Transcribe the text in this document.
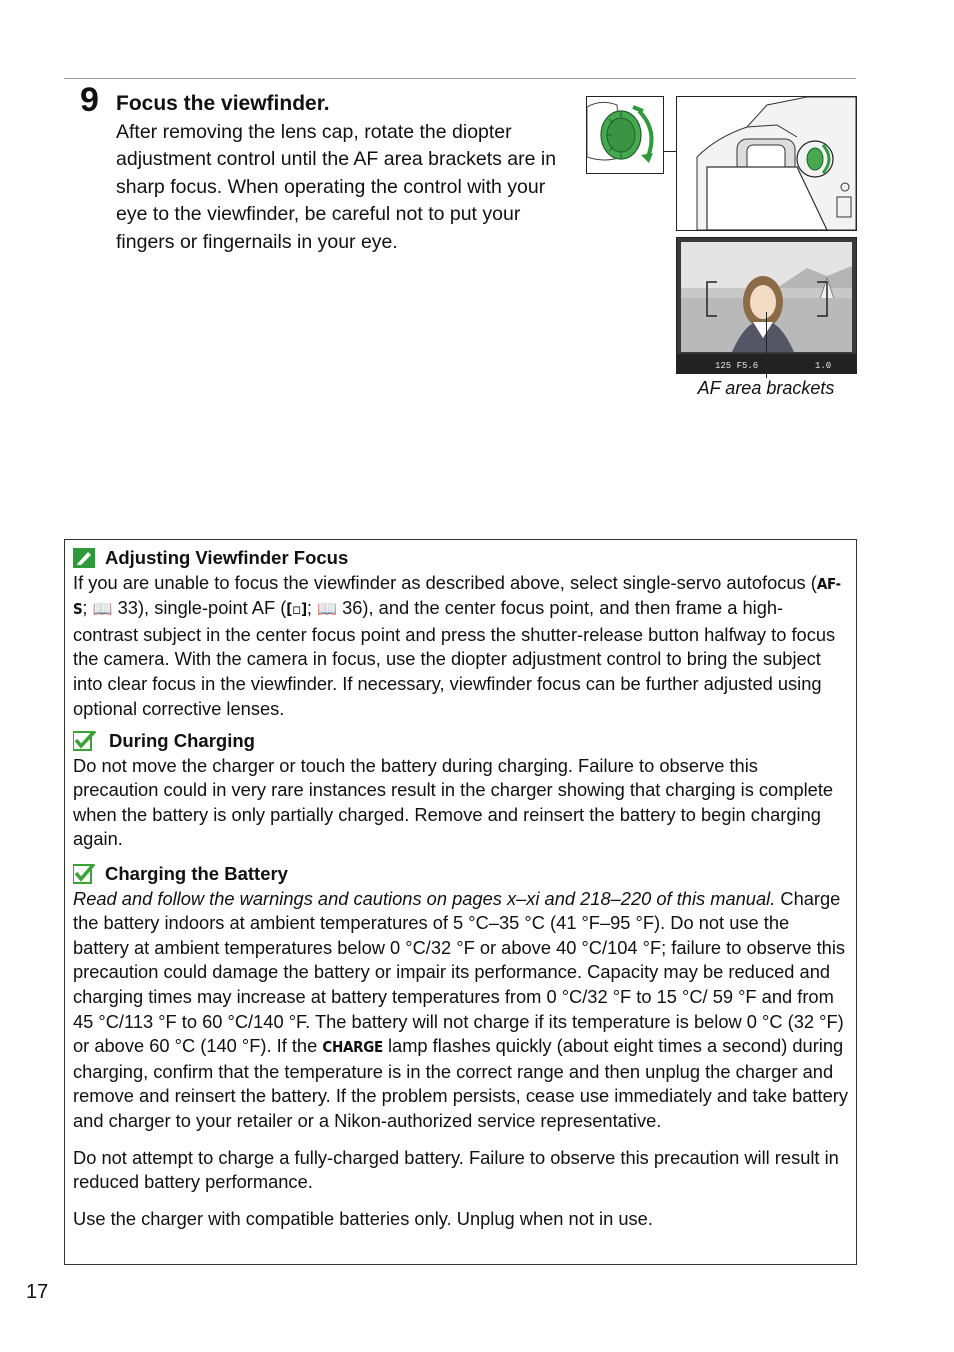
9 Focus the viewfinder.
After removing the lens cap, rotate the diopter adjustment control until the AF area brackets are in sharp focus. When operating the control with your eye to the viewfinder, be careful not to put your fingers or fingernails in your eye.
125 F5.6	1.0
AF area brackets
Adjusting Viewfinder Focus

If you are unable to focus the viewfinder as described above, select single-servo autofocus (AF-S; 📖 33), single-point AF ([▫]; 📖 36), and the center focus point, and then frame a high-contrast subject in the center focus point and press the shutter-release button halfway to focus the camera. With the camera in focus, use the diopter adjustment control to bring the subject into clear focus in the viewfinder. If necessary, viewfinder focus can be further adjusted using optional corrective lenses.

During Charging

Do not move the charger or touch the battery during charging. Failure to observe this precaution could in very rare instances result in the charger showing that charging is complete when the battery is only partially charged. Remove and reinsert the battery to begin charging again.

Charging the Battery

Read and follow the warnings and cautions on pages x–xi and 218–220 of this manual. Charge the battery indoors at ambient temperatures of 5 °C–35 °C (41 °F–95 °F). Do not use the battery at ambient temperatures below 0 °C/32 °F or above 40 °C/104 °F; failure to observe this precaution could damage the battery or impair its performance. Capacity may be reduced and charging times may increase at battery temperatures from 0 °C/32 °F to 15 °C/ 59 °F and from 45 °C/113 °F to 60 °C/140 °F. The battery will not charge if its temperature is below 0 °C (32 °F) or above 60 °C (140 °F). If the CHARGE lamp flashes quickly (about eight times a second) during charging, confirm that the temperature is in the correct range and then unplug the charger and remove and reinsert the battery. If the problem persists, cease use immediately and take battery and charger to your retailer or a Nikon-authorized service representative.

Do not attempt to charge a fully-charged battery. Failure to observe this precaution will result in reduced battery performance.

Use the charger with compatible batteries only. Unplug when not in use.

17
